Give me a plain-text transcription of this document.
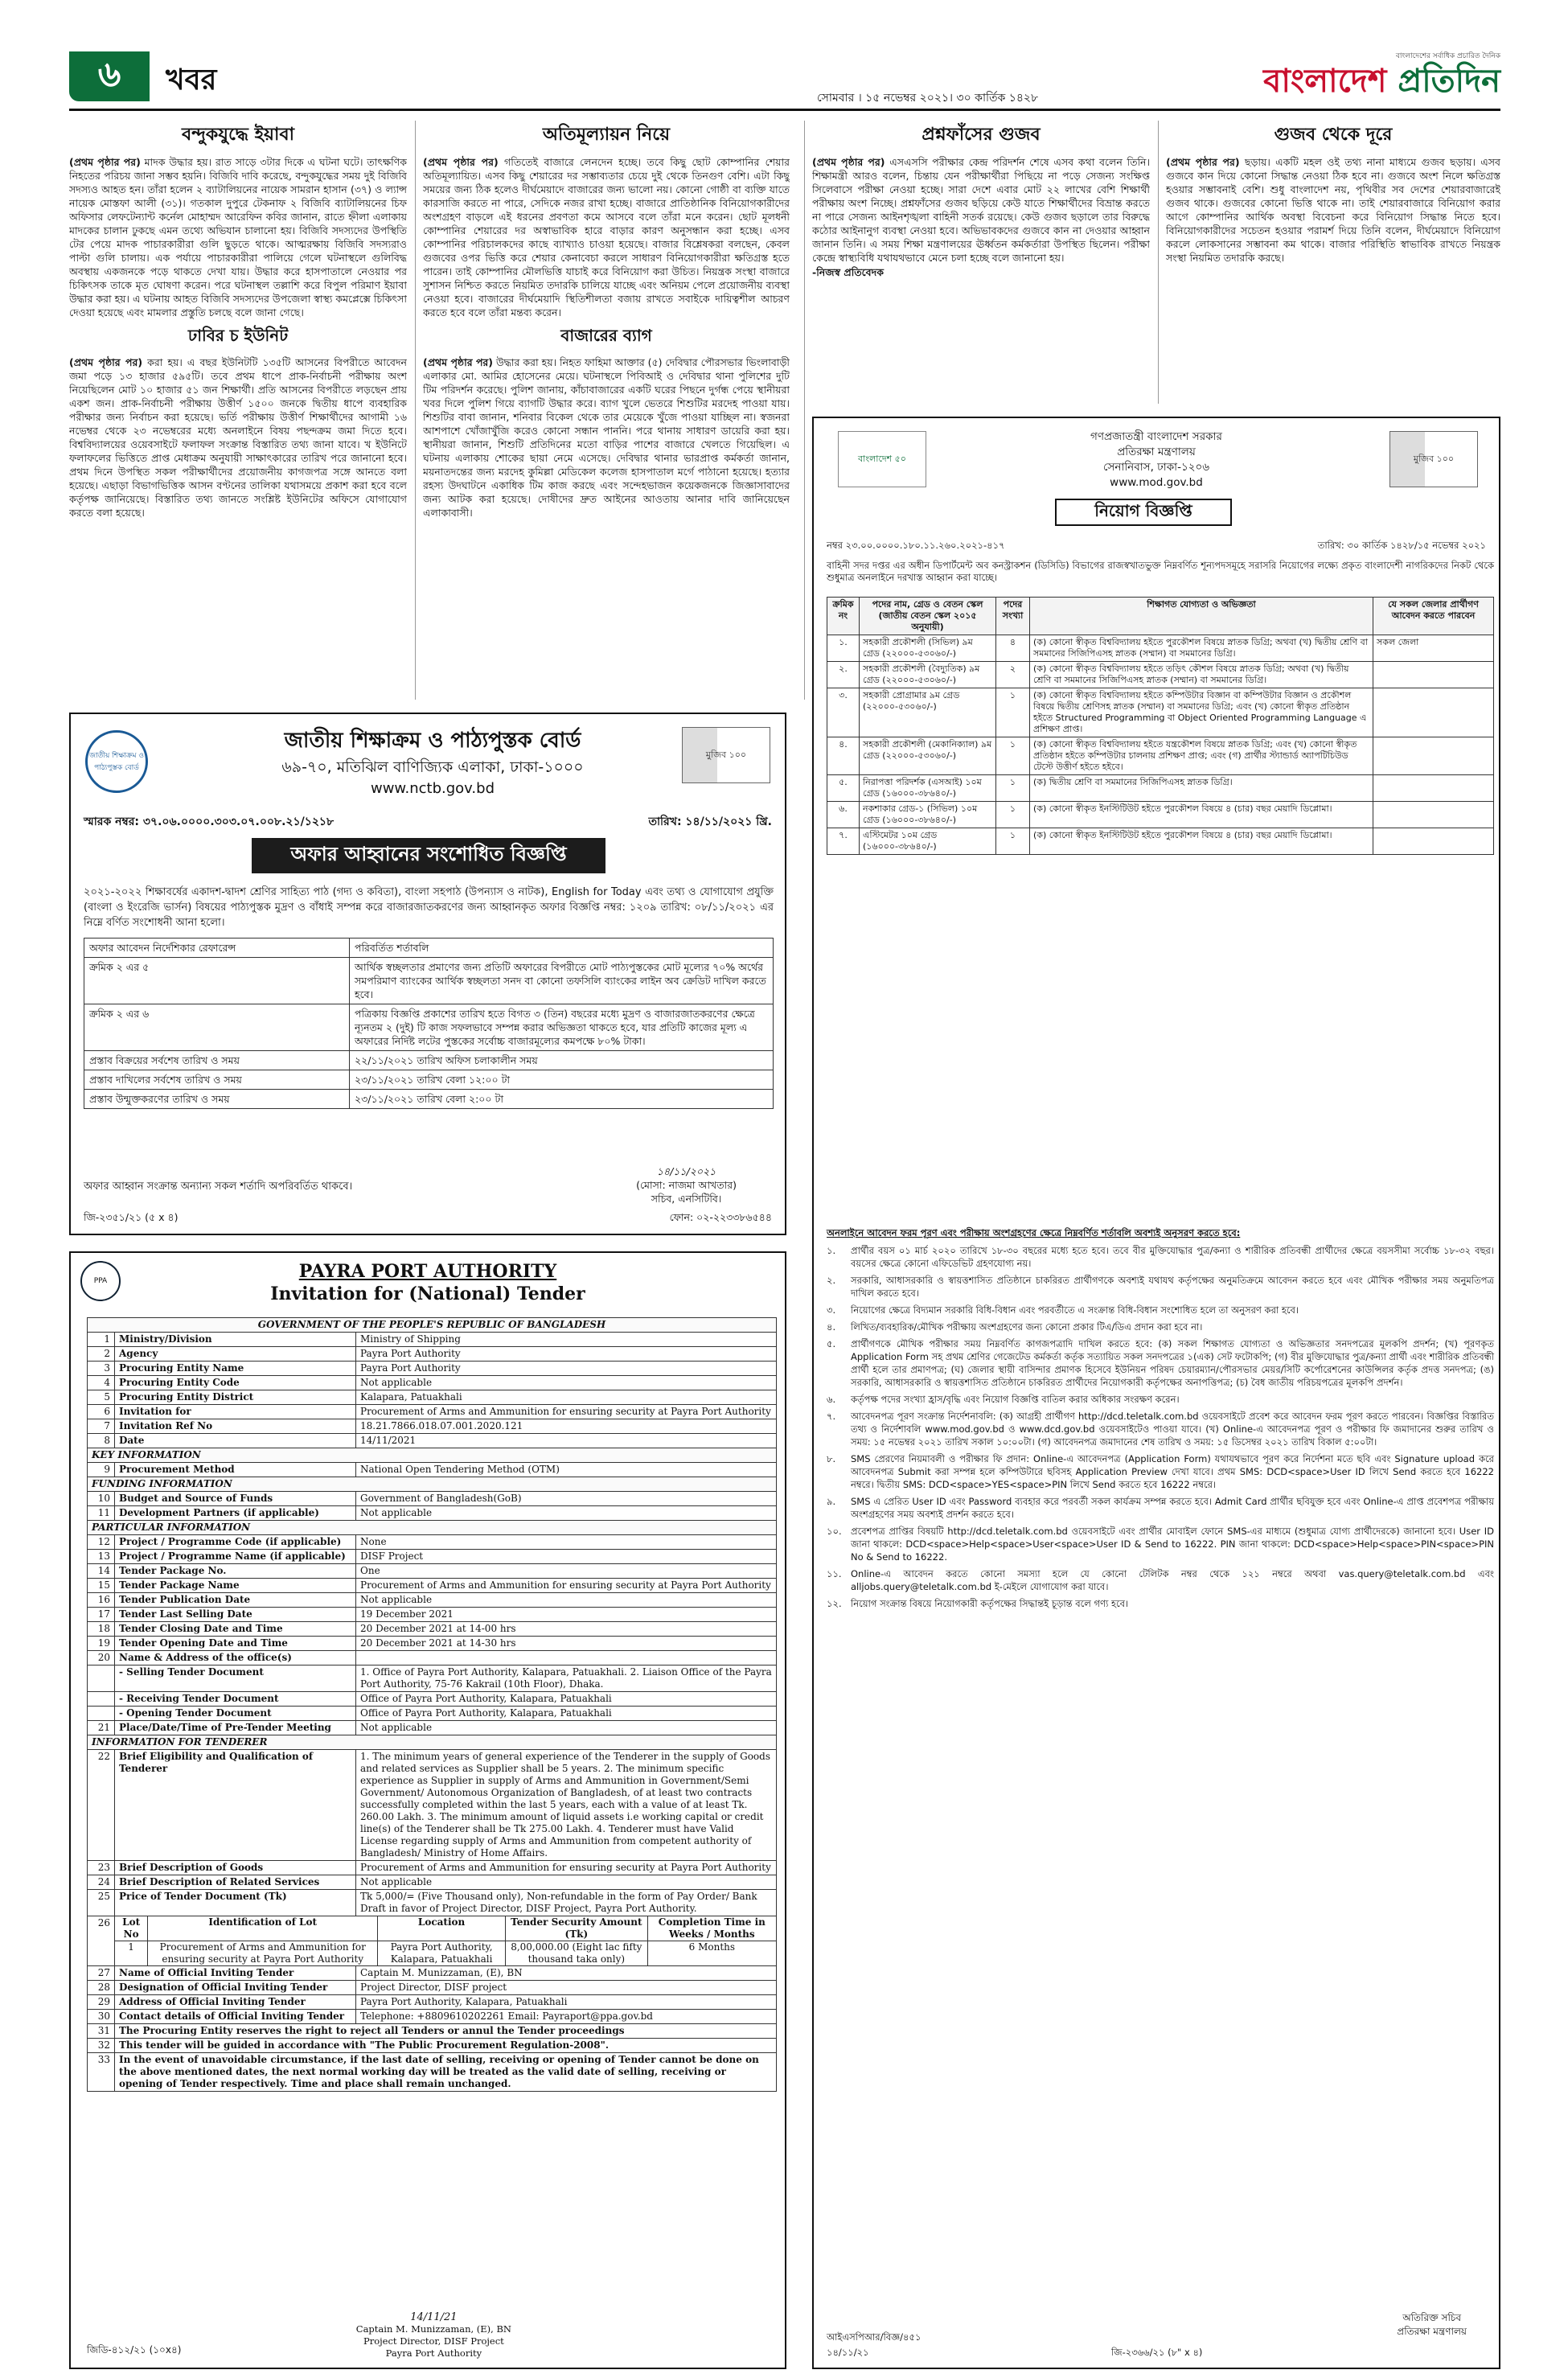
৬	খবর
সোমবার । ১৫ নভেম্বর ২০২১। ৩০ কার্তিক ১৪২৮
বাংলাদেশের সর্বাধিক প্রচারিত দৈনিক
বাংলাদেশ প্রতিদিন
বন্দুকযুদ্ধে ইয়াবা

(প্রথম পৃষ্ঠার পর) মাদক উদ্ধার হয়। রাত সাড়ে ৩টার দিকে এ ঘটনা ঘটে। তাৎক্ষণিক নিহতের পরিচয় জানা সম্ভব হয়নি। বিজিবি দাবি করেছে, বন্দুকযুদ্ধের সময় দুই বিজিবি সদস্যও আহত হন। তাঁরা হলেন ২ ব্যাটালিয়নের নায়েক সামরান হাসান (৩৭) ও ল্যান্স নায়েক মোস্তফা আলী (৩১)। গতকাল দুপুরে টেকনাফ ২ বিজিবি ব্যাটালিয়নের চিফ অফিসার লেফটেন্যান্ট কর্নেল মোহাম্মদ আরেফিন কবির জানান, রাতে হ্নীলা এলাকায় মাদকের চালান ঢুকছে এমন তথ্যে অভিযান চালানো হয়। বিজিবি সদস্যদের উপস্থিতি টের পেয়ে মাদক পাচারকারীরা গুলি ছুড়তে থাকে। আত্মরক্ষায় বিজিবি সদস্যরাও পাল্টা গুলি চালায়। এক পর্যায়ে পাচারকারীরা পালিয়ে গেলে ঘটনাস্থলে গুলিবিদ্ধ অবস্থায় একজনকে পড়ে থাকতে দেখা যায়। উদ্ধার করে হাসপাতালে নেওয়ার পর চিকিৎসক তাকে মৃত ঘোষণা করেন। পরে ঘটনাস্থল তল্লাশি করে বিপুল পরিমাণ ইয়াবা উদ্ধার করা হয়। এ ঘটনায় আহত বিজিবি সদস্যদের উপজেলা স্বাস্থ্য কমপ্লেক্সে চিকিৎসা দেওয়া হয়েছে এবং মামলার প্রস্তুতি চলছে বলে জানা গেছে।

ঢাবির চ ইউনিট

(প্রথম পৃষ্ঠার পর) করা হয়। এ বছর ইউনিটটি ১৩৫টি আসনের বিপরীতে আবেদন জমা পড়ে ১৩ হাজার ৫৯৫টি। তবে প্রথম ধাপে প্রাক-নির্বাচনী পরীক্ষায় অংশ নিয়েছিলেন মোট ১০ হাজার ৫১ জন শিক্ষার্থী। প্রতি আসনের বিপরীতে লড়ছেন প্রায় একশ জন। প্রাক-নির্বাচনী পরীক্ষায় উত্তীর্ণ ১৫০০ জনকে দ্বিতীয় ধাপে ব্যবহারিক পরীক্ষার জন্য নির্বাচন করা হয়েছে। ভর্তি পরীক্ষায় উত্তীর্ণ শিক্ষার্থীদের আগামী ১৬ নভেম্বর থেকে ২৩ নভেম্বরের মধ্যে অনলাইনে বিষয় পছন্দক্রম জমা দিতে হবে। বিশ্ববিদ্যালয়ের ওয়েবসাইটে ফলাফল সংক্রান্ত বিস্তারিত তথ্য জানা যাবে। খ ইউনিটে ফলাফলের ভিত্তিতে প্রাপ্ত মেধাক্রম অনুযায়ী সাক্ষাৎকারের তারিখ পরে জানানো হবে। প্রথম দিনে উপস্থিত সকল পরীক্ষার্থীদের প্রয়োজনীয় কাগজপত্র সঙ্গে আনতে বলা হয়েছে। এছাড়া বিভাগভিত্তিক আসন বণ্টনের তালিকা যথাসময়ে প্রকাশ করা হবে বলে কর্তৃপক্ষ জানিয়েছে। বিস্তারিত তথ্য জানতে সংশ্লিষ্ট ইউনিটের অফিসে যোগাযোগ করতে বলা হয়েছে।

অতিমূল্যায়ন নিয়ে

(প্রথম পৃষ্ঠার পর) গতিতেই বাজারে লেনদেন হচ্ছে। তবে কিছু ছোট কোম্পানির শেয়ার অতিমূল্যায়িত। এসব কিছু শেয়ারের দর সম্ভাব্যতার চেয়ে দুই থেকে তিনগুণ বেশি। এটা কিছু সময়ের জন্য ঠিক হলেও দীর্ঘমেয়াদে বাজারের জন্য ভালো নয়। কোনো গোষ্ঠী বা ব্যক্তি যাতে কারসাজি করতে না পারে, সেদিকে নজর রাখা হচ্ছে। বাজারে প্রাতিষ্ঠানিক বিনিয়োগকারীদের অংশগ্রহণ বাড়লে এই ধরনের প্রবণতা কমে আসবে বলে তাঁরা মনে করেন। ছোট মূলধনী কোম্পানির শেয়ারের দর অস্বাভাবিক হারে বাড়ার কারণ অনুসন্ধান করা হচ্ছে। এসব কোম্পানির পরিচালকদের কাছে ব্যাখ্যাও চাওয়া হয়েছে। বাজার বিশ্লেষকরা বলছেন, কেবল গুজবের ওপর ভিত্তি করে শেয়ার কেনাবেচা করলে সাধারণ বিনিয়োগকারীরা ক্ষতিগ্রস্ত হতে পারেন। তাই কোম্পানির মৌলভিত্তি যাচাই করে বিনিয়োগ করা উচিত। নিয়ন্ত্রক সংস্থা বাজারে সুশাসন নিশ্চিত করতে নিয়মিত তদারকি চালিয়ে যাচ্ছে এবং অনিয়ম পেলে প্রয়োজনীয় ব্যবস্থা নেওয়া হবে। বাজারের দীর্ঘমেয়াদি স্থিতিশীলতা বজায় রাখতে সবাইকে দায়িত্বশীল আচরণ করতে হবে বলে তাঁরা মন্তব্য করেন।

বাজারের ব্যাগ

(প্রথম পৃষ্ঠার পর) উদ্ধার করা হয়। নিহত ফাহিমা আক্তার (৫) দেবিদ্বার পৌরসভার ভিংলাবাড়ী এলাকার মো. আমির হোসেনের মেয়ে। ঘটনাস্থলে পিবিআই ও দেবিদ্বার থানা পুলিশের দুটি টিম পরিদর্শন করেছে। পুলিশ জানায়, কাঁচাবাজারের একটি ঘরের পিছনে দুর্গন্ধ পেয়ে স্থানীয়রা খবর দিলে পুলিশ গিয়ে ব্যাগটি উদ্ধার করে। ব্যাগ খুলে ভেতরে শিশুটির মরদেহ পাওয়া যায়। শিশুটির বাবা জানান, শনিবার বিকেল থেকে তার মেয়েকে খুঁজে পাওয়া যাচ্ছিল না। স্বজনরা আশপাশে খোঁজাখুঁজি করেও কোনো সন্ধান পাননি। পরে থানায় সাধারণ ডায়েরি করা হয়। স্থানীয়রা জানান, শিশুটি প্রতিদিনের মতো বাড়ির পাশের বাজারে খেলতে গিয়েছিল। এ ঘটনায় এলাকায় শোকের ছায়া নেমে এসেছে। দেবিদ্বার থানার ভারপ্রাপ্ত কর্মকর্তা জানান, ময়নাতদন্তের জন্য মরদেহ কুমিল্লা মেডিকেল কলেজ হাসপাতাল মর্গে পাঠানো হয়েছে। হত্যার রহস্য উদঘাটনে একাধিক টিম কাজ করছে এবং সন্দেহভাজন কয়েকজনকে জিজ্ঞাসাবাদের জন্য আটক করা হয়েছে। দোষীদের দ্রুত আইনের আওতায় আনার দাবি জানিয়েছেন এলাকাবাসী।

প্রশ্নফাঁসের গুজব

(প্রথম পৃষ্ঠার পর) এসএসসি পরীক্ষার কেন্দ্র পরিদর্শন শেষে এসব কথা বলেন তিনি। শিক্ষামন্ত্রী আরও বলেন, চিন্তায় যেন পরীক্ষার্থীরা পিছিয়ে না পড়ে সেজন্য সংক্ষিপ্ত সিলেবাসে পরীক্ষা নেওয়া হচ্ছে। সারা দেশে এবার মোট ২২ লাখের বেশি শিক্ষার্থী পরীক্ষায় অংশ নিচ্ছে। প্রশ্নফাঁসের গুজব ছড়িয়ে কেউ যাতে শিক্ষার্থীদের বিভ্রান্ত করতে না পারে সেজন্য আইনশৃঙ্খলা বাহিনী সতর্ক রয়েছে। কেউ গুজব ছড়ালে তার বিরুদ্ধে কঠোর আইনানুগ ব্যবস্থা নেওয়া হবে। অভিভাবকদের গুজবে কান না দেওয়ার আহ্বান জানান তিনি। এ সময় শিক্ষা মন্ত্রণালয়ের ঊর্ধ্বতন কর্মকর্তারা উপস্থিত ছিলেন। পরীক্ষা কেন্দ্রে স্বাস্থ্যবিধি যথাযথভাবে মেনে চলা হচ্ছে বলে জানানো হয়।

-নিজস্ব প্রতিবেদক
গুজব থেকে দূরে

(প্রথম পৃষ্ঠার পর) ছড়ায়। একটি মহল ওই তথ্য নানা মাধ্যমে গুজব ছড়ায়। এসব গুজবে কান দিয়ে কোনো সিদ্ধান্ত নেওয়া ঠিক হবে না। গুজবে অংশ নিলে ক্ষতিগ্রস্ত হওয়ার সম্ভাবনাই বেশি। শুধু বাংলাদেশ নয়, পৃথিবীর সব দেশের শেয়ারবাজারেই গুজব থাকে। গুজবের কোনো ভিত্তি থাকে না। তাই শেয়ারবাজারে বিনিয়োগ করার আগে কোম্পানির আর্থিক অবস্থা বিবেচনা করে বিনিয়োগ সিদ্ধান্ত নিতে হবে। বিনিয়োগকারীদের সচেতন হওয়ার পরামর্শ দিয়ে তিনি বলেন, দীর্ঘমেয়াদে বিনিয়োগ করলে লোকসানের সম্ভাবনা কম থাকে। বাজার পরিস্থিতি স্বাভাবিক রাখতে নিয়ন্ত্রক সংস্থা নিয়মিত তদারকি করছে।

জাতীয় শিক্ষাক্রম ও পাঠ্যপুস্তক বোর্ড
মুজিব ১০০
জাতীয় শিক্ষাক্রম ও পাঠ্যপুস্তক বোর্ড
৬৯-৭০, মতিঝিল বাণিজ্যিক এলাকা, ঢাকা-১০০০
www.nctb.gov.bd
স্মারক নম্বর: ৩৭.০৬.০০০০.৩০৩.০৭.০০৮.২১/১২১৮	তারিখ: ১৪/১১/২০২১ খ্রি.
অফার আহ্বানের সংশোধিত বিজ্ঞপ্তি
২০২১-২০২২ শিক্ষাবর্ষের একাদশ-দ্বাদশ শ্রেণির সাহিত্য পাঠ (গদ্য ও কবিতা), বাংলা সহপাঠ (উপন্যাস ও নাটক), English for Today এবং তথ্য ও যোগাযোগ প্রযুক্তি (বাংলা ও ইংরেজি ভার্সন) বিষয়ের পাঠ্যপুস্তক মুদ্রণ ও বাঁধাই সম্পন্ন করে বাজারজাতকরণের জন্য আহ্বানকৃত অফার বিজ্ঞপ্তি নম্বর: ১২০৯ তারিখ: ০৮/১১/২০২১ এর নিম্নে বর্ণিত সংশোধনী আনা হলো।
অফার আবেদন নির্দেশিকার রেফারেন্স	পরিবর্তিত শর্তাবলি
ক্রমিক ২ এর ৫	আর্থিক স্বচ্ছলতার প্রমাণের জন্য প্রতিটি অফারের বিপরীতে মোট পাঠ্যপুস্তকের মোট মূল্যের ৭০% অর্থের সমপরিমাণ ব্যাংকের আর্থিক স্বচ্ছলতা সনদ বা কোনো তফসিলি ব্যাংকের লাইন অব ক্রেডিট দাখিল করতে হবে।
ক্রমিক ২ এর ৬	পত্রিকায় বিজ্ঞপ্তি প্রকাশের তারিখ হতে বিগত ৩ (তিন) বছরের মধ্যে মুদ্রণ ও বাজারজাতকরণের ক্ষেত্রে ন্যূনতম ২ (দুই) টি কাজ সফলভাবে সম্পন্ন করার অভিজ্ঞতা থাকতে হবে, যার প্রতিটি কাজের মূল্য এ অফারের নির্দিষ্ট লটের পুস্তকের সর্বোচ্চ বাজারমূল্যের কমপক্ষে ৮০% টাকা।
প্রস্তাব বিক্রয়ের সর্বশেষ তারিখ ও সময়	২২/১১/২০২১ তারিখ অফিস চলাকালীন সময়
প্রস্তাব দাখিলের সর্বশেষ তারিখ ও সময়	২৩/১১/২০২১ তারিখ বেলা ১২:০০ টা
প্রস্তাব উন্মুক্তকরণের তারিখ ও সময়	২৩/১১/২০২১ তারিখ বেলা ২:০০ টা
অফার আহ্বান সংক্রান্ত অন্যান্য সকল শর্তাদি অপরিবর্তিত থাকবে।
১৪/১১/২০২১
(মোসা: নাজমা আখতার)
সচিব, এনসিটিবি।
জি-২৩৫১/২১ (৫ x ৪)	ফোন: ০২-২২৩৩৮৬৫৪৪
PPA	PAYRA PORT AUTHORITY
Invitation for (National) Tender
GOVERNMENT OF THE PEOPLE'S REPUBLIC OF BANGLADESH
1	Ministry/Division	Ministry of Shipping
2	Agency	Payra Port Authority
3	Procuring Entity Name	Payra Port Authority
4	Procuring Entity Code	Not applicable
5	Procuring Entity District	Kalapara, Patuakhali
6	Invitation for	Procurement of Arms and Ammunition for ensuring security at Payra Port Authority
7	Invitation Ref No	18.21.7866.018.07.001.2020.121
8	Date	14/11/2021
KEY INFORMATION
9	Procurement Method	National Open Tendering Method (OTM)
FUNDING INFORMATION
10	Budget and Source of Funds	Government of Bangladesh(GoB)
11	Development Partners (if applicable)	Not applicable
PARTICULAR INFORMATION
12	Project / Programme Code (if applicable)	None
13	Project / Programme Name (if applicable)	DISF Project
14	Tender Package No.	One
15	Tender Package Name	Procurement of Arms and Ammunition for ensuring security at Payra Port Authority
16	Tender Publication Date	Not applicable
17	Tender Last Selling Date	19 December 2021
18	Tender Closing Date and Time	20 December 2021 at 14-00 hrs
19	Tender Opening Date and Time	20 December 2021 at 14-30 hrs
20	Name & Address of the office(s)	
	- Selling Tender Document	1. Office of Payra Port Authority, Kalapara, Patuakhali. 2. Liaison Office of the Payra Port Authority, 75-76 Kakrail (10th Floor), Dhaka.
	- Receiving Tender Document	Office of Payra Port Authority, Kalapara, Patuakhali
	- Opening Tender Document	Office of Payra Port Authority, Kalapara, Patuakhali
21	Place/Date/Time of Pre-Tender Meeting	Not applicable
INFORMATION FOR TENDERER
22	Brief Eligibility and Qualification of Tenderer	1. The minimum years of general experience of the Tenderer in the supply of Goods and related services as Supplier shall be 5 years. 2. The minimum specific experience as Supplier in supply of Arms and Ammunition in Government/Semi Government/ Autonomous Organization of Bangladesh, of at least two contracts successfully completed within the last 5 years, each with a value of at least Tk. 260.00 Lakh. 3. The minimum amount of liquid assets i.e working capital or credit line(s) of the Tenderer shall be Tk 275.00 Lakh. 4. Tenderer must have Valid License regarding supply of Arms and Ammunition from competent authority of Bangladesh/ Ministry of Home Affairs.
23	Brief Description of Goods	Procurement of Arms and Ammunition for ensuring security at Payra Port Authority
24	Brief Description of Related Services	Not applicable
25	Price of Tender Document (Tk)	Tk 5,000/= (Five Thousand only), Non-refundable in the form of Pay Order/ Bank Draft in favor of Project Director, DISF Project, Payra Port Authority.
26	Lot No	Identification of Lot	Location	Tender Security Amount (Tk)	Completion Time in Weeks / Months
1	Procurement of Arms and Ammunition for ensuring security at Payra Port Authority	Payra Port Authority, Kalapara, Patuakhali	8,00,000.00 (Eight lac fifty thousand taka only)	6 Months

27	Name of Official Inviting Tender	Captain M. Munizzaman, (E), BN
28	Designation of Official Inviting Tender	Project Director, DISF project
29	Address of Official Inviting Tender	Payra Port Authority, Kalapara, Patuakhali
30	Contact details of Official Inviting Tender	Telephone: +8809610202261 Email: Payraport@ppa.gov.bd
31	The Procuring Entity reserves the right to reject all Tenders or annul the Tender proceedings
32	This tender will be guided in accordance with "The Public Procurement Regulation-2008".
33	In the event of unavoidable circumstance, if the last date of selling, receiving or opening of Tender cannot be done on the above mentioned dates, the next normal working day will be treated as the valid date of selling, receiving or opening of Tender respectively. Time and place shall remain unchanged.
জিডি-৪১২/২১ (১০x৪)
14/11/21
Captain M. Munizzaman, (E), BN
Project Director, DISF Project
Payra Port Authority
বাংলাদেশ ৫০	মুজিব ১০০
গণপ্রজাতন্ত্রী বাংলাদেশ সরকার
প্রতিরক্ষা মন্ত্রণালয়
সেনানিবাস, ঢাকা-১২০৬
www.mod.gov.bd
নিয়োগ বিজ্ঞপ্তি
নম্বর ২৩.০০.০০০০.১৮০.১১.২৬০.২০২১-৪১৭	তারিখ: ৩০ কার্তিক ১৪২৮/১৫ নভেম্বর ২০২১
বাহিনী সদর দপ্তর এর অধীন ডিপার্টমেন্ট অব কনস্ট্রাকশন (ডিসিডি) বিভাগের রাজস্বখাতভুক্ত নিম্নবর্ণিত শূন্যপদসমূহে সরাসরি নিয়োগের লক্ষ্যে প্রকৃত বাংলাদেশী নাগরিকদের নিকট থেকে শুধুমাত্র অনলাইনে দরখাস্ত আহ্বান করা যাচ্ছে।
ক্রমিক নং	পদের নাম, গ্রেড ও বেতন স্কেল (জাতীয় বেতন স্কেল ২০১৫ অনুযায়ী)	পদের সংখ্যা	শিক্ষাগত যোগ্যতা ও অভিজ্ঞতা	যে সকল জেলার প্রার্থীগণ আবেদন করতে পারবেন
১.	সহকারী প্রকৌশলী (সিভিল) ৯ম গ্রেড (২২০০০-৫৩০৬০/-)	৪	(ক) কোনো স্বীকৃত বিশ্ববিদ্যালয় হইতে পুরকৌশল বিষয়ে স্নাতক ডিগ্রি; অথবা (খ) দ্বিতীয় শ্রেণি বা সমমানের সিজিপিএসহ স্নাতক (সম্মান) বা সমমানের ডিগ্রি।	সকল জেলা
২.	সহকারী প্রকৌশলী (বৈদ্যুতিক) ৯ম গ্রেড (২২০০০-৫৩০৬০/-)	২	(ক) কোনো স্বীকৃত বিশ্ববিদ্যালয় হইতে তড়িৎ কৌশল বিষয়ে স্নাতক ডিগ্রি; অথবা (খ) দ্বিতীয় শ্রেণি বা সমমানের সিজিপিএসহ স্নাতক (সম্মান) বা সমমানের ডিগ্রি।	
৩.	সহকারী প্রোগ্রামার ৯ম গ্রেড (২২০০০-৫৩০৬০/-)	১	(ক) কোনো স্বীকৃত বিশ্ববিদ্যালয় হইতে কম্পিউটার বিজ্ঞান বা কম্পিউটার বিজ্ঞান ও প্রকৌশল বিষয়ে দ্বিতীয় শ্রেণিসহ স্নাতক (সম্মান) বা সমমানের ডিগ্রি; এবং (খ) কোনো স্বীকৃত প্রতিষ্ঠান হইতে Structured Programming বা Object Oriented Programming Language এ প্রশিক্ষণ প্রাপ্ত।	
৪.	সহকারী প্রকৌশলী (মেকানিক্যাল) ৯ম গ্রেড (২২০০০-৫৩০৬০/-)	১	(ক) কোনো স্বীকৃত বিশ্ববিদ্যালয় হইতে যন্ত্রকৌশল বিষয়ে স্নাতক ডিগ্রি; এবং (খ) কোনো স্বীকৃত প্রতিষ্ঠান হইতে কম্পিউটার চালনায় প্রশিক্ষণ প্রাপ্ত; এবং (গ) প্রার্থীর স্ট্যান্ডার্ড অ্যাপটিচিউড টেস্টে উত্তীর্ণ হইতে হইবে।	
৫.	নিরাপত্তা পরিদর্শক (এসআই) ১০ম গ্রেড (১৬০০০-৩৮৬৪০/-)	১	(ক) দ্বিতীয় শ্রেণি বা সমমানের সিজিপিএসহ স্নাতক ডিগ্রি।	
৬.	নকশাকার গ্রেড-১ (সিভিল) ১০ম গ্রেড (১৬০০০-৩৮৬৪০/-)	১	(ক) কোনো স্বীকৃত ইনস্টিটিউট হইতে পুরকৌশল বিষয়ে ৪ (চার) বছর মেয়াদি ডিপ্লোমা।	
৭.	এস্টিমেটর ১০ম গ্রেড (১৬০০০-৩৮৬৪০/-)	১	(ক) কোনো স্বীকৃত ইনস্টিটিউট হইতে পুরকৌশল বিষয়ে ৪ (চার) বছর মেয়াদি ডিপ্লোমা।	
অনলাইনে আবেদন ফরম পূরণ এবং পরীক্ষায় অংশগ্রহণের ক্ষেত্রে নিম্নবর্ণিত শর্তাবলি অবশ্যই অনুসরণ করতে হবে:
১.	প্রার্থীর বয়স ০১ মার্চ ২০২০ তারিখে ১৮-৩০ বছরের মধ্যে হতে হবে। তবে বীর মুক্তিযোদ্ধার পুত্র/কন্যা ও শারীরিক প্রতিবন্ধী প্রার্থীদের ক্ষেত্রে বয়সসীমা সর্বোচ্চ ১৮-৩২ বছর। বয়সের ক্ষেত্রে কোনো এফিডেভিট গ্রহণযোগ্য নয়।
২.	সরকারি, আধাসরকারি ও স্বায়ত্তশাসিত প্রতিষ্ঠানে চাকরিরত প্রার্থীগণকে অবশ্যই যথাযথ কর্তৃপক্ষের অনুমতিক্রমে আবেদন করতে হবে এবং মৌখিক পরীক্ষার সময় অনুমতিপত্র দাখিল করতে হবে।
৩.	নিয়োগের ক্ষেত্রে বিদ্যমান সরকারি বিধি-বিধান এবং পরবর্তীতে এ সংক্রান্ত বিধি-বিধান সংশোধিত হলে তা অনুসরণ করা হবে।
৪.	লিখিত/ব্যবহারিক/মৌখিক পরীক্ষায় অংশগ্রহণের জন্য কোনো প্রকার টিএ/ডিএ প্রদান করা হবে না।
৫.	প্রার্থীগণকে মৌখিক পরীক্ষার সময় নিম্নবর্ণিত কাগজপত্রাদি দাখিল করতে হবে: (ক) সকল শিক্ষাগত যোগ্যতা ও অভিজ্ঞতার সনদপত্রের মূলকপি প্রদর্শন; (খ) পূরণকৃত Application Form সহ প্রথম শ্রেণির গেজেটেড কর্মকর্তা কর্তৃক সত্যায়িত সকল সনদপত্রের ১(এক) সেট ফটোকপি; (গ) বীর মুক্তিযোদ্ধার পুত্র/কন্যা প্রার্থী এবং শারীরিক প্রতিবন্ধী প্রার্থী হলে তার প্রমাণপত্র; (ঘ) জেলার স্থায়ী বাসিন্দার প্রমাণক হিসেবে ইউনিয়ন পরিষদ চেয়ারম্যান/পৌরসভার মেয়র/সিটি কর্পোরেশনের কাউন্সিলর কর্তৃক প্রদত্ত সনদপত্র; (ঙ) সরকারি, আধাসরকারি ও স্বায়ত্তশাসিত প্রতিষ্ঠানে চাকরিরত প্রার্থীদের নিয়োগকারী কর্তৃপক্ষের অনাপত্তিপত্র; (চ) বৈধ জাতীয় পরিচয়পত্রের মূলকপি প্রদর্শন।
৬.	কর্তৃপক্ষ পদের সংখ্যা হ্রাস/বৃদ্ধি এবং নিয়োগ বিজ্ঞপ্তি বাতিল করার অধিকার সংরক্ষণ করেন।
৭.	আবেদনপত্র পূরণ সংক্রান্ত নির্দেশনাবলি: (ক) আগ্রহী প্রার্থীগণ http://dcd.teletalk.com.bd ওয়েবসাইটে প্রবেশ করে আবেদন ফরম পূরণ করতে পারবেন। বিজ্ঞপ্তির বিস্তারিত তথ্য ও নির্দেশাবলি www.mod.gov.bd ও www.dcd.gov.bd ওয়েবসাইটেও পাওয়া যাবে। (খ) Online-এ আবেদনপত্র পূরণ ও পরীক্ষার ফি জমাদানের শুরুর তারিখ ও সময়: ১৫ নভেম্বর ২০২১ তারিখ সকাল ১০:০০টা। (গ) আবেদনপত্র জমাদানের শেষ তারিখ ও সময়: ১৫ ডিসেম্বর ২০২১ তারিখ বিকাল ৫:০০টা।
৮.	SMS প্রেরণের নিয়মাবলী ও পরীক্ষার ফি প্রদান: Online-এ আবেদনপত্র (Application Form) যথাযথভাবে পূরণ করে নির্দেশনা মতে ছবি এবং Signature upload করে আবেদনপত্র Submit করা সম্পন্ন হলে কম্পিউটারে ছবিসহ Application Preview দেখা যাবে। প্রথম SMS: DCD<space>User ID লিখে Send করতে হবে 16222 নম্বরে। দ্বিতীয় SMS: DCD<space>YES<space>PIN লিখে Send করতে হবে 16222 নম্বরে।
৯.	SMS এ প্রেরিত User ID এবং Password ব্যবহার করে পরবর্তী সকল কার্যক্রম সম্পন্ন করতে হবে। Admit Card প্রার্থীর ছবিযুক্ত হবে এবং Online-এ প্রাপ্ত প্রবেশপত্র পরীক্ষায় অংশগ্রহণের সময় অবশ্যই প্রদর্শন করতে হবে।
১০. প্রবেশপত্র প্রাপ্তির বিষয়টি http://dcd.teletalk.com.bd ওয়েবসাইটে এবং প্রার্থীর মোবাইল ফোনে SMS-এর মাধ্যমে (শুধুমাত্র যোগ্য প্রার্থীদেরকে) জানানো হবে। User ID জানা থাকলে: DCD<space>Help<space>User<space>User ID & Send to 16222. PIN জানা থাকলে: DCD<space>Help<space>PIN<space>PIN No & Send to 16222.
১১. Online-এ আবেদন করতে কোনো সমস্যা হলে যে কোনো টেলিটক নম্বর থেকে ১২১ নম্বরে অথবা vas.query@teletalk.com.bd এবং alljobs.query@teletalk.com.bd ই-মেইলে যোগাযোগ করা যাবে।
১২. নিয়োগ সংক্রান্ত বিষয়ে নিয়োগকারী কর্তৃপক্ষের সিদ্ধান্তই চূড়ান্ত বলে গণ্য হবে।
অতিরিক্ত সচিব
প্রতিরক্ষা মন্ত্রণালয়
আইএসপিআর/বিজ্ঞ/৪৫১
১৪/১১/২১	জি-২৩৬৬/২১ (৮" x ৪)
